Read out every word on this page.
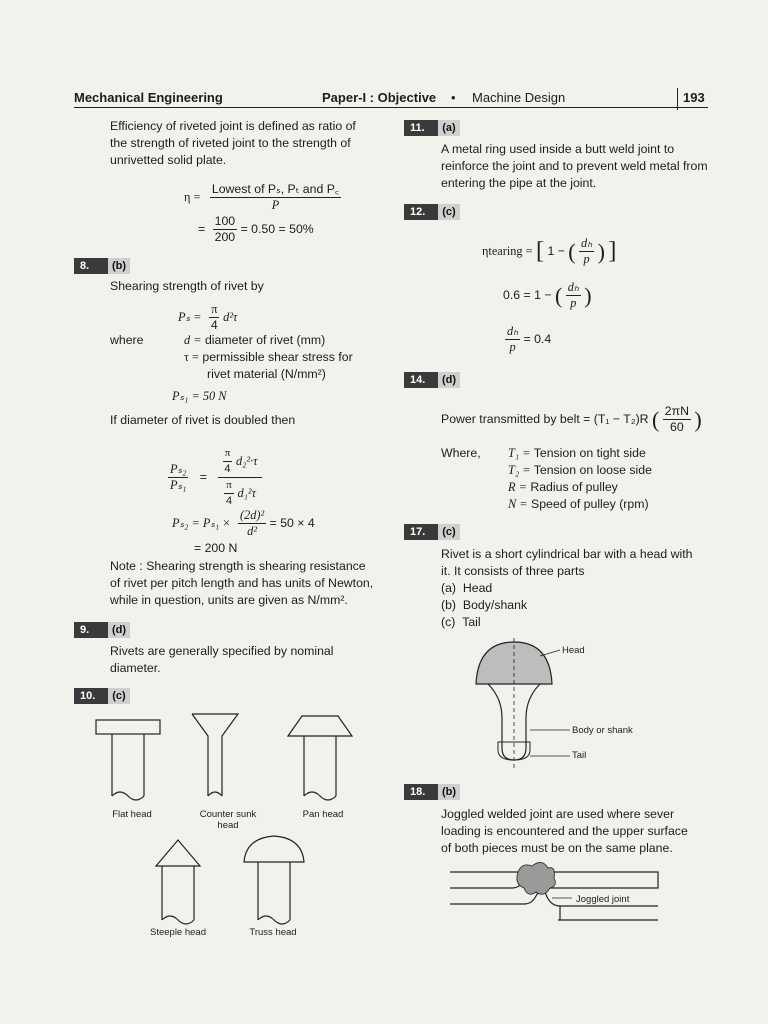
Mechanical Engineering	Paper-I : Objective • Machine Design	193
Efficiency of riveted joint is defined as ratio of
the strength of riveted joint to the strength of
unrivetted solid plate.
$\eta = \frac{\text{Lowest of Pₛ, Pₜ and P꜀}}{P}$
= $\frac{100}{200} = 0.50 = 50\%$
8.	(b)
Shearing strength of rivet by
$P_s = \frac{\pi}{4} d^2\tau$
where	d = diameter of rivet (mm)
τ = permissible shear stress for
rivet material (N/mm²)
Pₛ₁ = 50 N
If diameter of rivet is doubled then
$\frac{\text{Pₛ₂}}{\text{Pₛ₁}} = \frac{\frac{\pi}{4} d_2^2\cdot\tau}{\frac{\pi}{4} d_1^2\tau}$
$P_{s2} = P_{s1} \times \frac{\text{(2d)²}}{\text{d²}} = 50 \times 4$
= 200 N
Note : Shearing strength is shearing resistance
of rivet per pitch length and has units of Newton,
while in question, units are given as N/mm².
9.	(d)
Rivets are generally specified by nominal
diameter.
10.	(c)
Flat head	Counter sunk
head
Pan head
Steeple head	Truss head
11.	(a)
A metal ring used inside a butt weld joint to
reinforce the joint and to prevent weld metal from
entering the pipe at the joint.
12.	(c)
ηtearing = [ 1 − ( $\frac{\text{dₕ}}{p}$ ) ]
0.6 = 1 − ( $\frac{\text{dₕ}}{p}$ )
$\frac{\text{dₕ}}{p} = 0.4$
14.	(d)
Power transmitted by belt = (T₁ − T₂)R ( $\frac{2\pi N}{60}$ )
Where, T₁ = Tension on tight side
T₂ = Tension on loose side
R = Radius of pulley
N = Speed of pulley (rpm)
17.	(c)
Rivet is a short cylindrical bar with a head with
it. It consists of three parts
(a) Head
(b) Body/shank
(c) Tail
Head
Body or shank
Tail
18.	(b)
Joggled welded joint are used where sever
loading is encountered and the upper surface
of both pieces must be on the same plane.
Joggled joint
